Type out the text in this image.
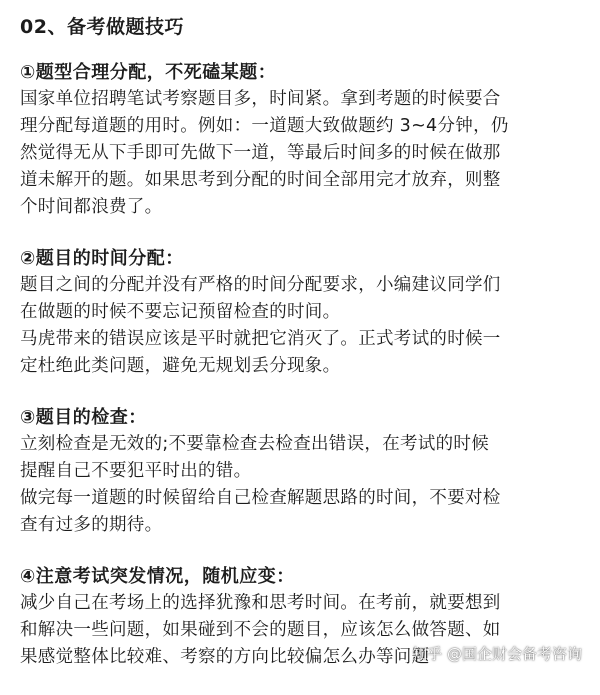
02、备考做题技巧
①题型合理分配，不死磕某题：
国家单位招聘笔试考察题目多，时间紧。拿到考题的时候要合
理分配每道题的用时。例如：一道题大致做题约 3~4分钟，仍
然觉得无从下手即可先做下一道，等最后时间多的时候在做那
道未解开的题。如果思考到分配的时间全部用完才放弃，则整
个时间都浪费了。
②题目的时间分配：
题目之间的分配并没有严格的时间分配要求，小编建议同学们
在做题的时候不要忘记预留检查的时间。
马虎带来的错误应该是平时就把它消灭了。正式考试的时候一
定杜绝此类问题，避免无规划丢分现象。
③题目的检查：
立刻检查是无效的;不要靠检查去检查出错误，在考试的时候
提醒自己不要犯平时出的错。
做完每一道题的时候留给自己检查解题思路的时间，不要对检
查有过多的期待。
④注意考试突发情况，随机应变：
减少自己在考场上的选择犹豫和思考时间。在考前，就要想到
和解决一些问题，如果碰到不会的题目，应该怎么做答题、如
果感觉整体比较难、考察的方向比较偏怎么办等问题
知乎 @国企财会备考咨询
